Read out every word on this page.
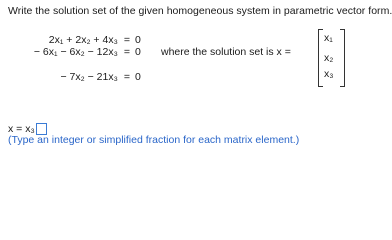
Write the solution set of the given homogeneous system in parametric vector form.
2x₁ + 2x₂ + 4x₃ = 0
− 6x₁ − 6x₂ − 12x₃ = 0
− 7x₂ − 21x₃ = 0
where the solution set is x =
x₁
x₂
x₃
x = x₃
(Type an integer or simplified fraction for each matrix element.)
